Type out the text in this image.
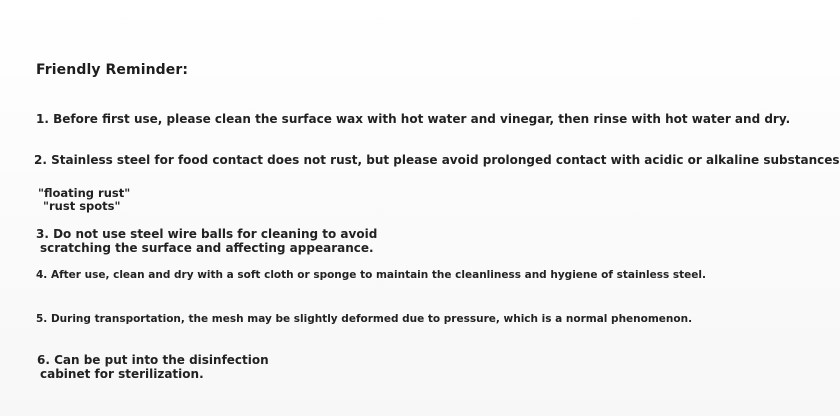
Friendly Reminder:
1. Before first use, please clean the surface wax with hot water and vinegar, then rinse with hot water and dry.
2. Stainless steel for food contact does not rust, but please avoid prolonged contact with acidic or alkaline substances
"floating rust"
"rust spots"
3. Do not use steel wire balls for cleaning to avoid
scratching the surface and affecting appearance.
4. After use, clean and dry with a soft cloth or sponge to maintain the cleanliness and hygiene of stainless steel.
5. During transportation, the mesh may be slightly deformed due to pressure, which is a normal phenomenon.
6. Can be put into the disinfection
cabinet for sterilization.
